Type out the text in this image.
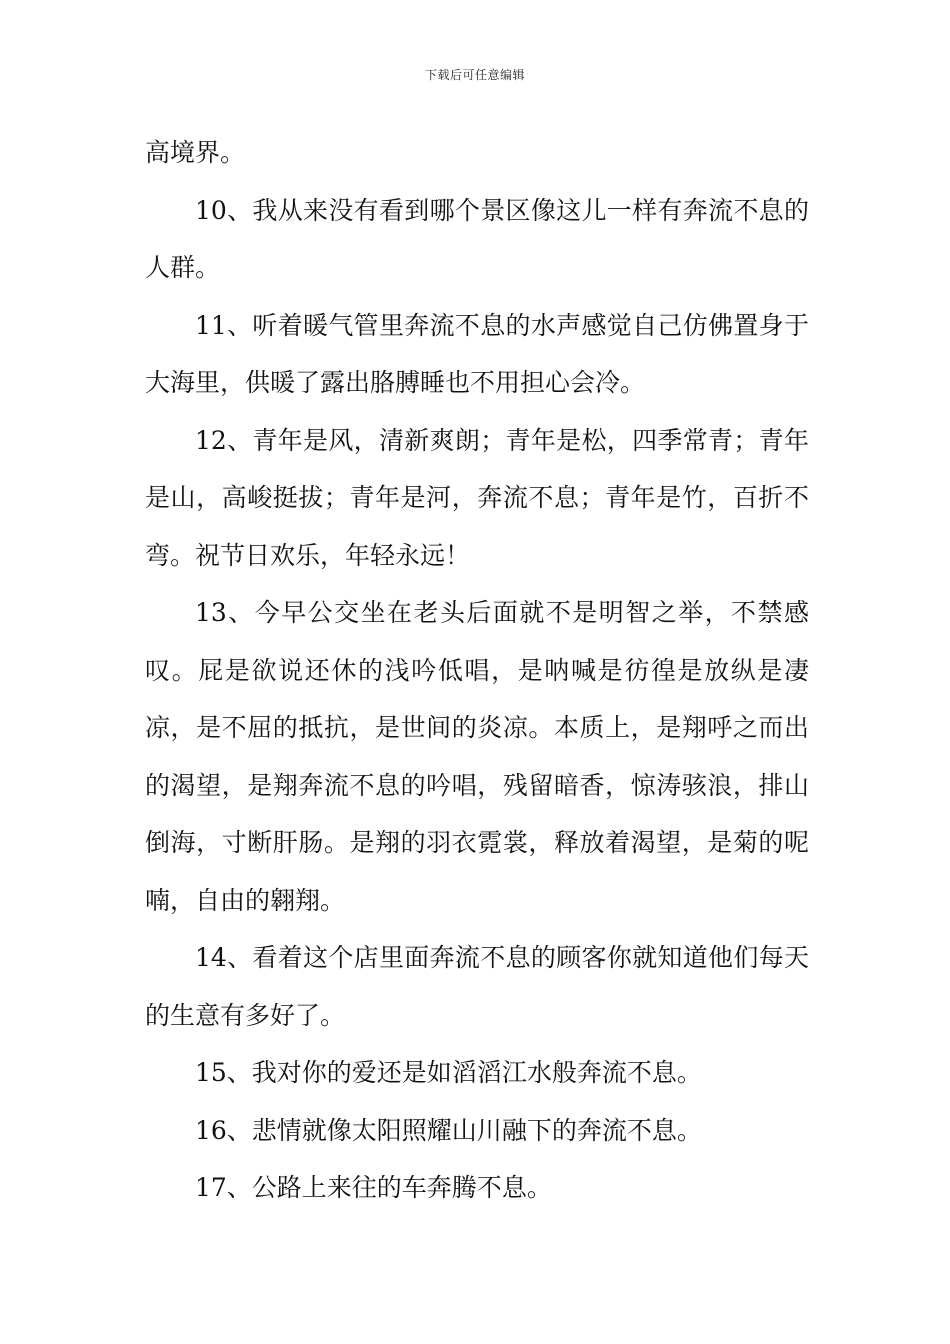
下载后可任意编辑

高境界。

10、我从来没有看到哪个景区像这儿一样有奔流不息的人群。

11、听着暖气管里奔流不息的水声感觉自己仿佛置身于大海里，供暖了露出胳膊睡也不用担心会冷。

12、青年是风，清新爽朗；青年是松，四季常青；青年是山，高峻挺拔；青年是河，奔流不息；青年是竹，百折不弯。祝节日欢乐，年轻永远！

13、今早公交坐在老头后面就不是明智之举，不禁感叹。屁是欲说还休的浅吟低唱，是呐喊是彷徨是放纵是凄凉，是不屈的抵抗，是世间的炎凉。本质上，是翔呼之而出的渴望，是翔奔流不息的吟唱，残留暗香，惊涛骇浪，排山倒海，寸断肝肠。是翔的羽衣霓裳，释放着渴望，是菊的呢喃，自由的翱翔。

14、看着这个店里面奔流不息的顾客你就知道他们每天的生意有多好了。

15、我对你的爱还是如滔滔江水般奔流不息。

16、悲情就像太阳照耀山川融下的奔流不息。

17、公路上来往的车奔腾不息。
